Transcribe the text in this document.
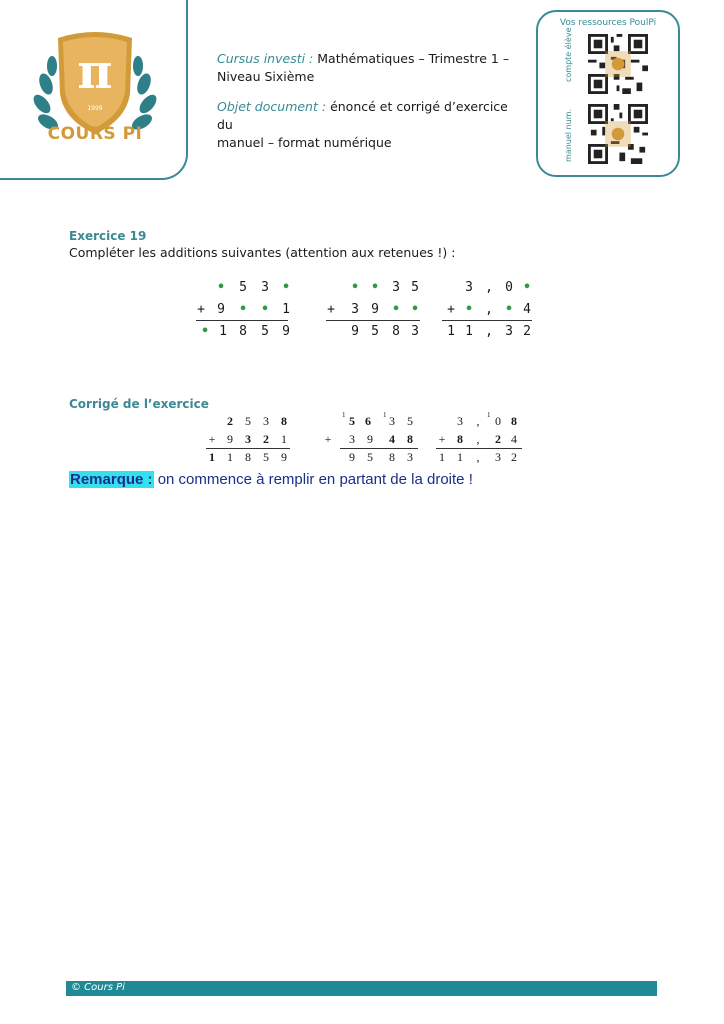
π
1999
COURS PI
Cursus investi : Mathématiques – Trimestre 1 –
Niveau Sixième
Objet document : énoncé et corrigé d’exercice du
manuel – format numérique
Vos ressources PoulPi
compte élève
manuel num.
Exercice 19
Compléter les additions suivantes (attention aux retenues !) :
•	5	3	•
+ 9	•	•	1
• 1 8	5	9
• •	3 5
+	3 9	• •
9 5	8 3
3 , 0 •
+ • , • 4
1 1 , 3 2
Corrigé de l’exercice
2	5	3	8
+ 9	3	2	1
1	1	8	5	9
1 5 6	1 3	5
+	3	9	4	8
9	5	8	3
3	,	1 0 8
+ 8	,	2 4
1	1	,	3 2
Remarque : on commence à remplir en partant de la droite !
© Cours Pi
